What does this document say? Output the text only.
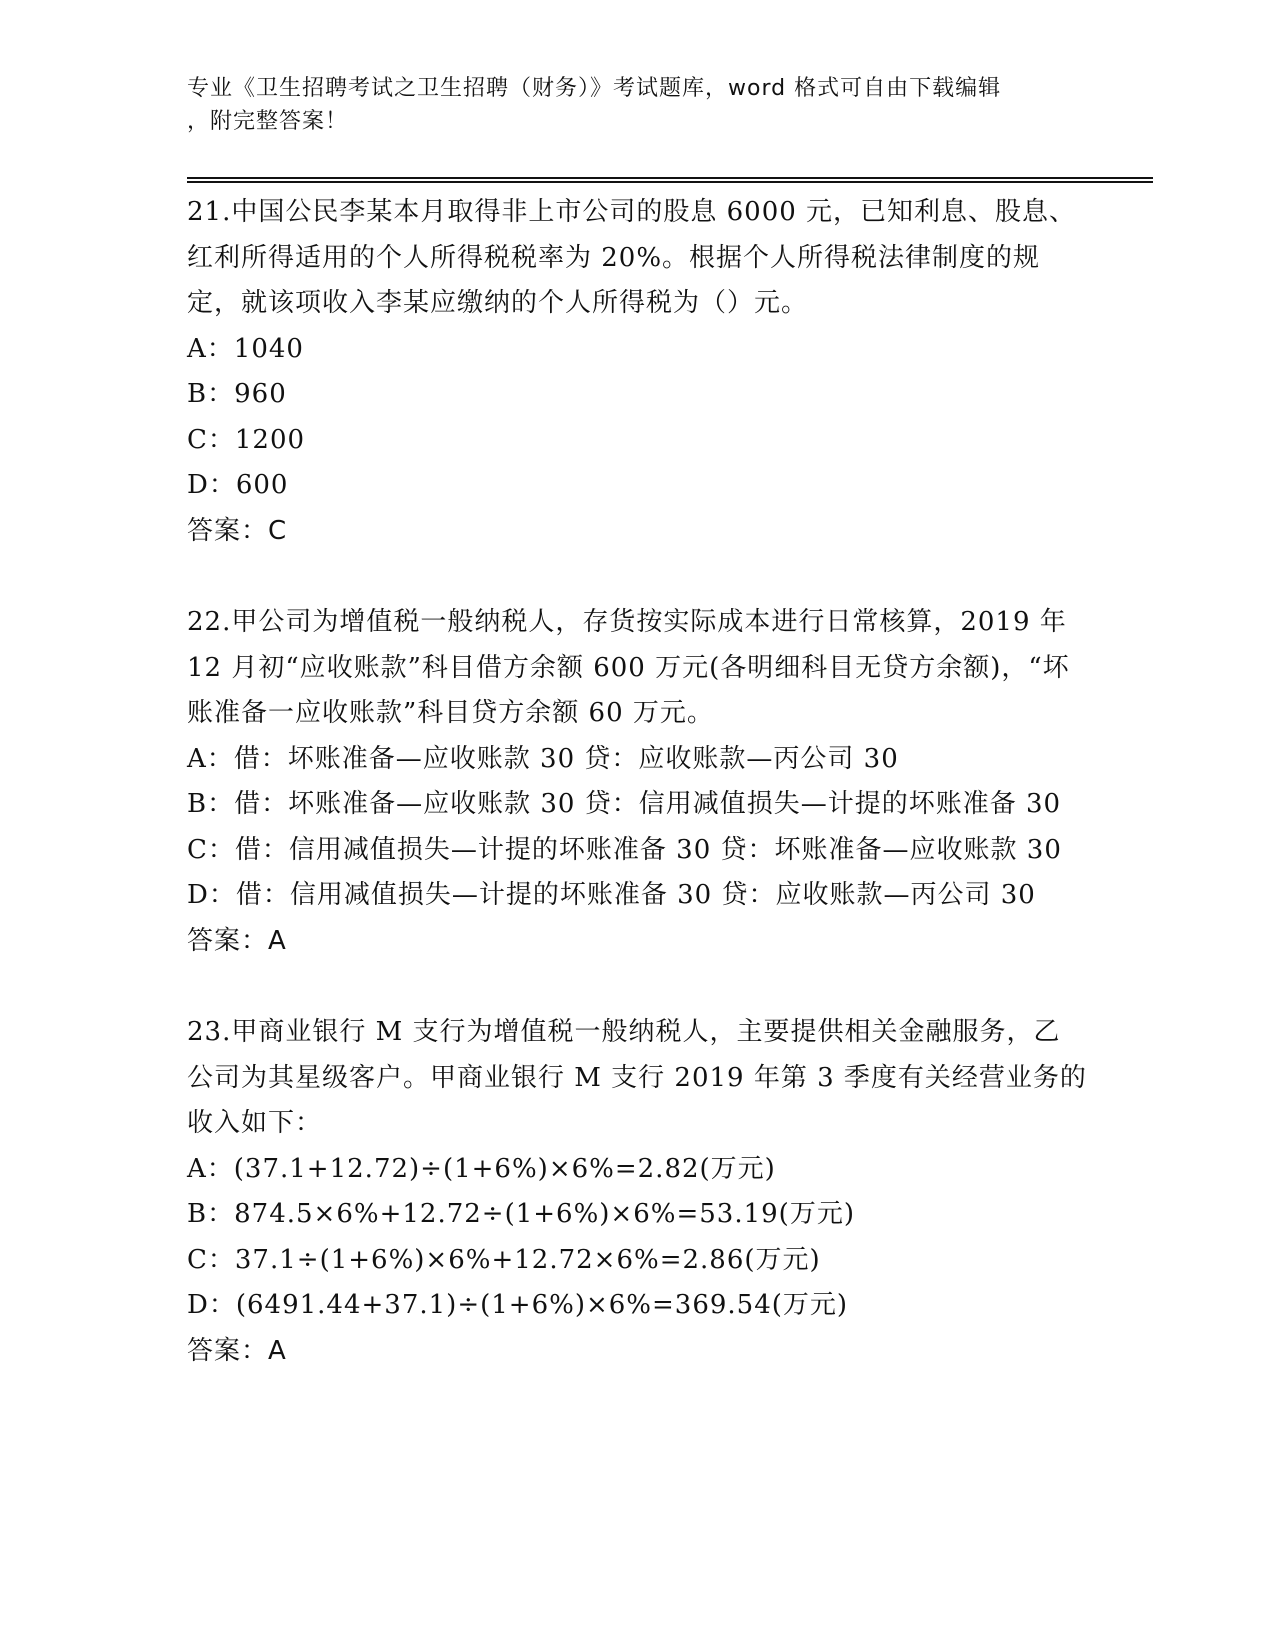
专业《卫生招聘考试之卫生招聘（财务）》考试题库，word 格式可自由下载编辑
，附完整答案！
21.中国公民李某本月取得非上市公司的股息 6000 元，已知利息、股息、红利所得适用的个人所得税税率为 20%。根据个人所得税法律制度的规定，就该项收入李某应缴纳的个人所得税为（）元。
A：1040
B：960
C：1200
D：600
答案：C
22.甲公司为增值税一般纳税人，存货按实际成本进行日常核算，2019 年 12 月初“应收账款”科目借方余额 600 万元(各明细科目无贷方余额)，“坏账准备一应收账款”科目贷方余额 60 万元。
A：借：坏账准备—应收账款 30 贷：应收账款—丙公司 30
B：借：坏账准备—应收账款 30 贷：信用减值损失—计提的坏账准备 30
C：借：信用减值损失—计提的坏账准备 30 贷：坏账准备—应收账款 30
D：借：信用减值损失—计提的坏账准备 30 贷：应收账款—丙公司 30
答案：A
23.甲商业银行 M 支行为增值税一般纳税人，主要提供相关金融服务，乙公司为其星级客户。甲商业银行 M 支行 2019 年第 3 季度有关经营业务的收入如下：
A：(37.1+12.72)÷(1+6%)×6%=2.82(万元)
B：874.5×6%+12.72÷(1+6%)×6%=53.19(万元)
C：37.1÷(1+6%)×6%+12.72×6%=2.86(万元)
D：(6491.44+37.1)÷(1+6%)×6%=369.54(万元)
答案：A
